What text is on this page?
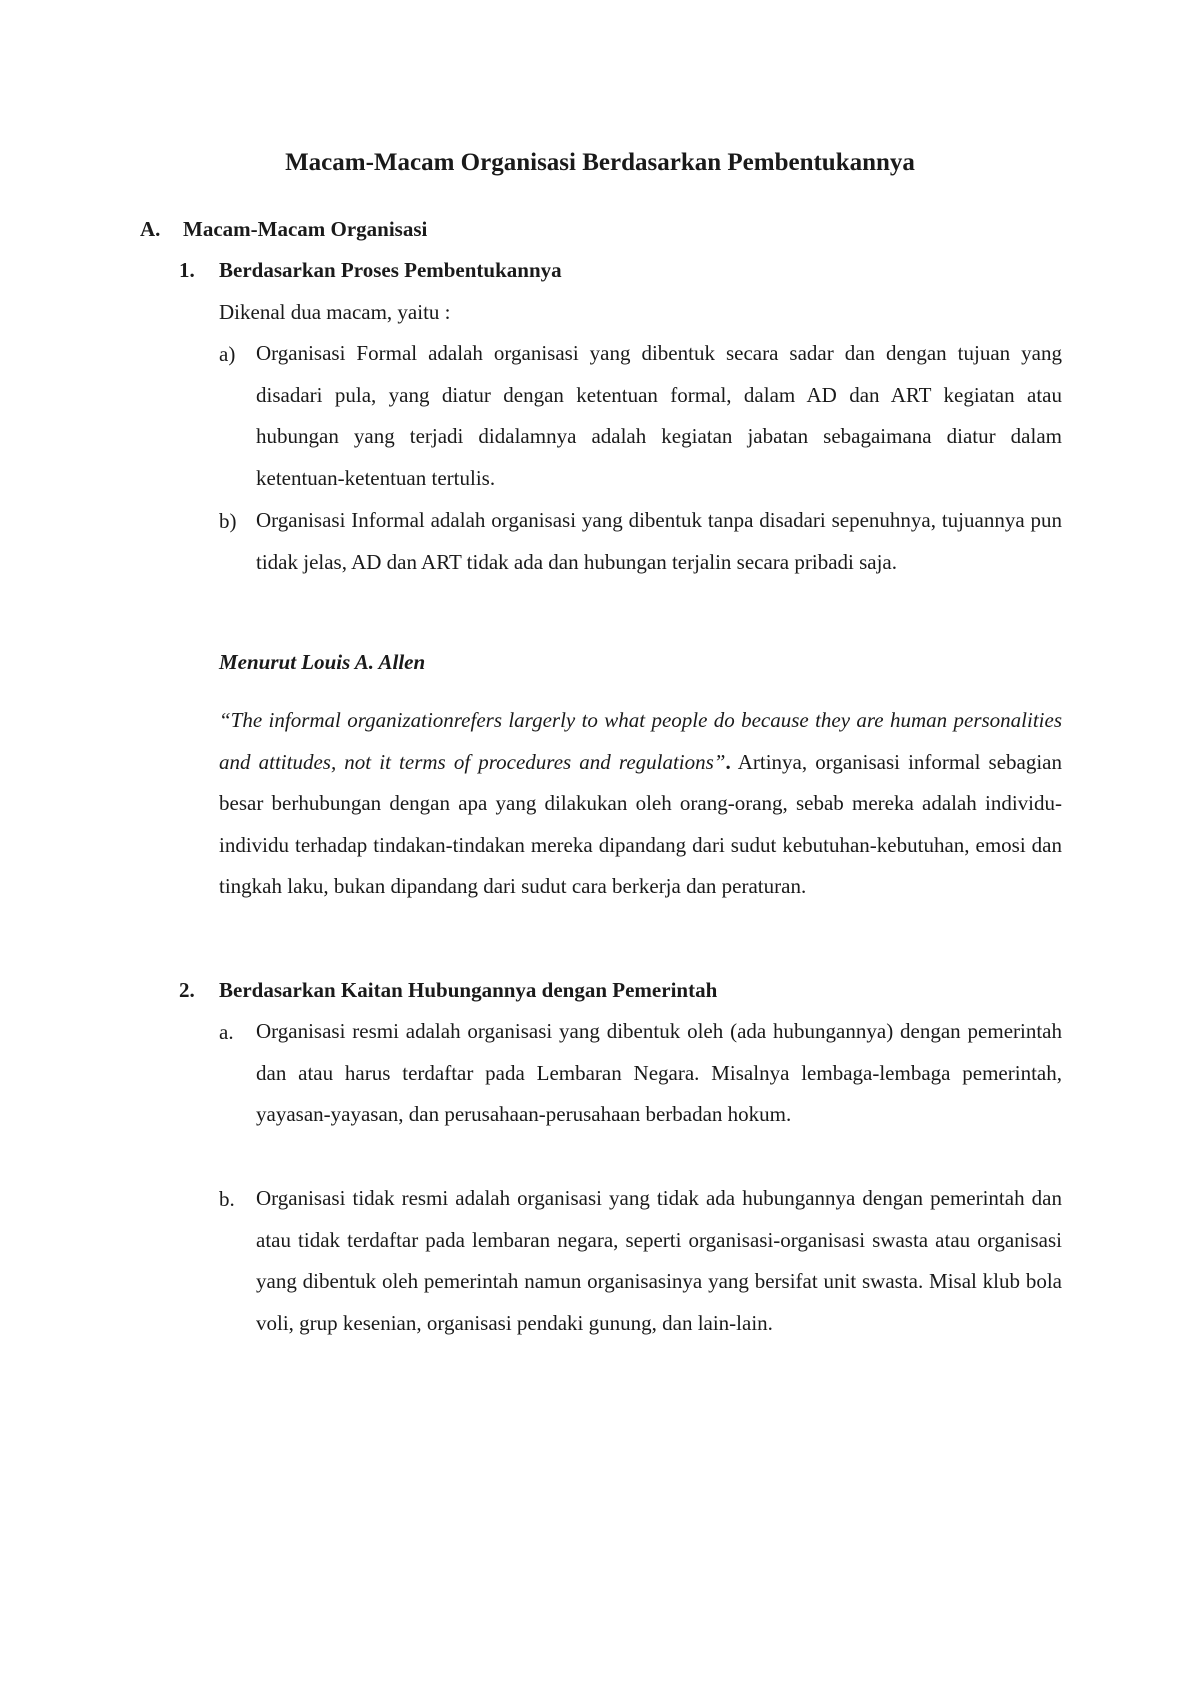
Macam-Macam Organisasi Berdasarkan Pembentukannya
A. Macam-Macam Organisasi
1. Berdasarkan Proses Pembentukannya
Dikenal dua macam, yaitu :
a) Organisasi Formal adalah organisasi yang dibentuk secara sadar dan dengan tujuan yang disadari pula, yang diatur dengan ketentuan formal, dalam AD dan ART kegiatan atau hubungan yang terjadi didalamnya adalah kegiatan jabatan sebagaimana diatur dalam ketentuan-ketentuan tertulis.
b) Organisasi Informal adalah organisasi yang dibentuk tanpa disadari sepenuhnya, tujuannya pun tidak jelas, AD dan ART tidak ada dan hubungan terjalin secara pribadi saja.
Menurut Louis A. Allen
“The informal organizationrefers largerly to what people do because they are human personalities and attitudes, not it terms of procedures and regulations”. Artinya, organisasi informal sebagian besar berhubungan dengan apa yang dilakukan oleh orang-orang, sebab mereka adalah individu-individu terhadap tindakan-tindakan mereka dipandang dari sudut kebutuhan-kebutuhan, emosi dan tingkah laku, bukan dipandang dari sudut cara berkerja dan peraturan.
2. Berdasarkan Kaitan Hubungannya dengan Pemerintah
a. Organisasi resmi adalah organisasi yang dibentuk oleh (ada hubungannya) dengan pemerintah dan atau harus terdaftar pada Lembaran Negara. Misalnya lembaga-lembaga pemerintah, yayasan-yayasan, dan perusahaan-perusahaan berbadan hokum.
b. Organisasi tidak resmi adalah organisasi yang tidak ada hubungannya dengan pemerintah dan atau tidak terdaftar pada lembaran negara, seperti organisasi-organisasi swasta atau organisasi yang dibentuk oleh pemerintah namun organisasinya yang bersifat unit swasta. Misal klub bola voli, grup kesenian, organisasi pendaki gunung, dan lain-lain.
